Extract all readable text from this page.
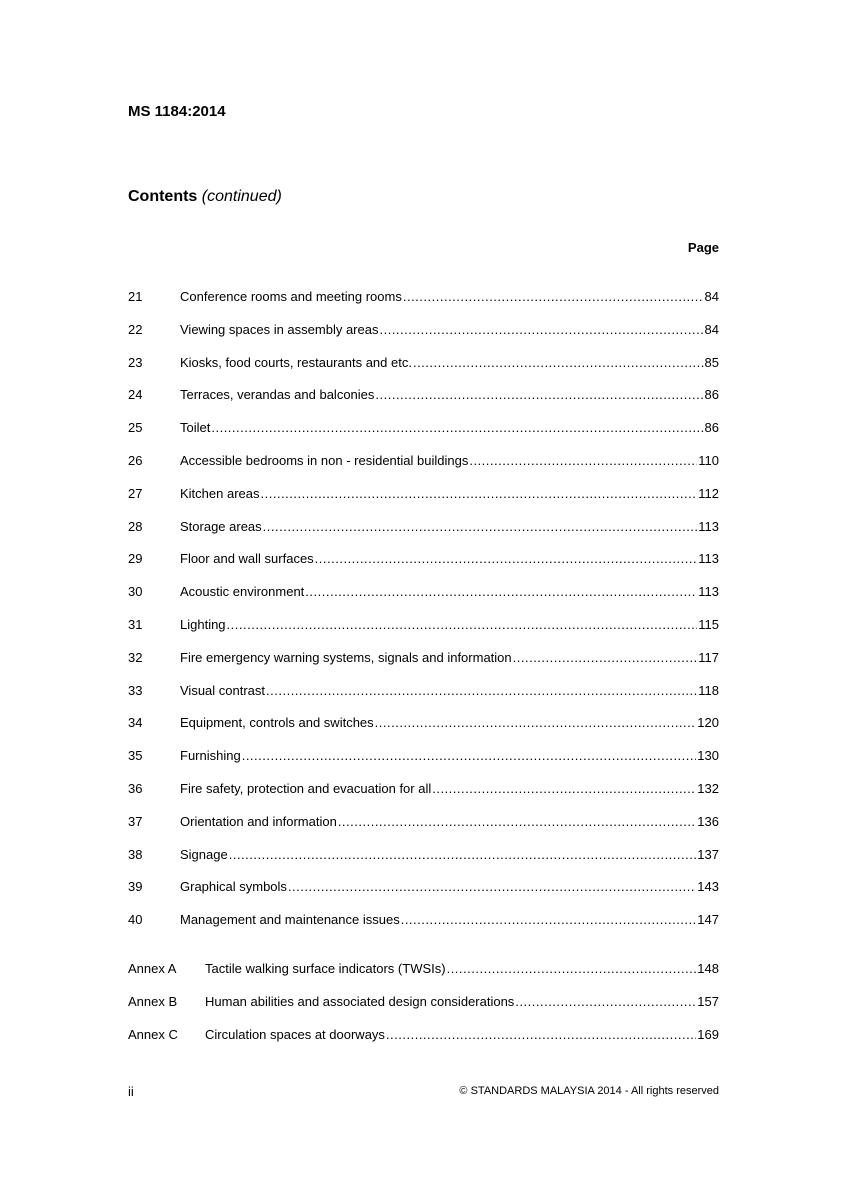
MS 1184:2014
Contents (continued)
Page
21	Conference rooms and meeting rooms .....	84
22	Viewing spaces in assembly areas .....	84
23	Kiosks, food courts, restaurants and etc. .....	85
24	Terraces, verandas and balconies .....	86
25	Toilet .....	86
26	Accessible bedrooms in non - residential buildings .....	110
27	Kitchen areas .....	112
28	Storage areas .....	113
29	Floor and wall surfaces .....	113
30	Acoustic environment .....	113
31	Lighting .....	115
32	Fire emergency warning systems, signals and information .....	117
33	Visual contrast .....	118
34	Equipment, controls and switches .....	120
35	Furnishing .....	130
36	Fire safety, protection and evacuation for all .....	132
37	Orientation and information .....	136
38	Signage .....	137
39	Graphical symbols .....	143
40	Management and maintenance issues .....	147
Annex A	Tactile walking surface indicators (TWSIs) .....	148
Annex B	Human abilities and associated design considerations .....	157
Annex C	Circulation spaces at doorways .....	169
ii	© STANDARDS MALAYSIA 2014 - All rights reserved
